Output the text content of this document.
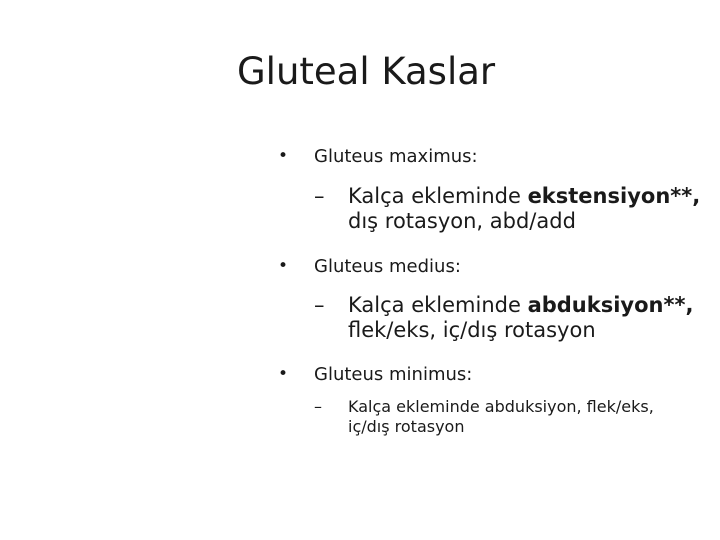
Gluteal Kaslar
• Gluteus maximus:
– Kalça ekleminde ekstensiyon**,
dış rotasyon, abd/add
• Gluteus medius:
– Kalça ekleminde abduksiyon**,
flek/eks, iç/dış rotasyon
• Gluteus minimus:
– Kalça ekleminde abduksiyon, flek/eks,
iç/dış rotasyon
